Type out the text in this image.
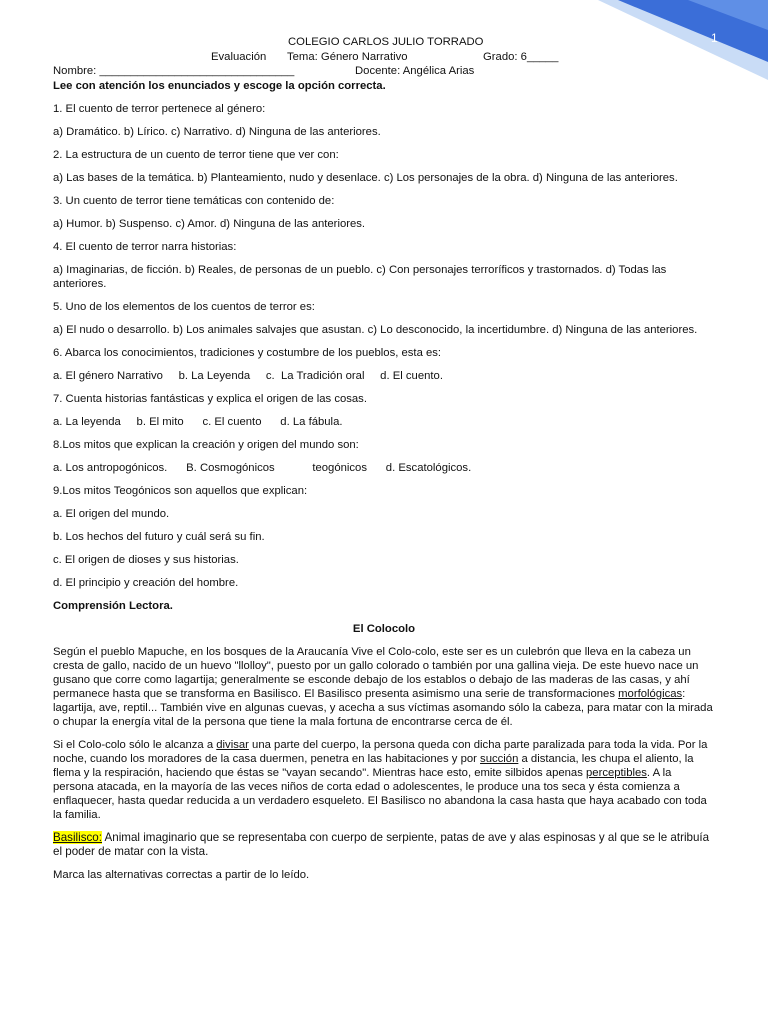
1
COLEGIO CARLOS JULIO TORRADO
Evaluación Tema: Género Narrativo	Grado: 6_____
Nombre: _______________________________	Docente: Angélica Arias

Lee con atención los enunciados y escoge la opción correcta.

1. El cuento de terror pertenece al género:

a) Dramático. b) Lírico. c) Narrativo. d) Ninguna de las anteriores.

2. La estructura de un cuento de terror tiene que ver con:

a) Las bases de la temática. b) Planteamiento, nudo y desenlace. c) Los personajes de la obra. d) Ninguna de las anteriores.

3. Un cuento de terror tiene temáticas con contenido de:

a) Humor. b) Suspenso. c) Amor. d) Ninguna de las anteriores.

4. El cuento de terror narra historias:

a) Imaginarias, de ficción. b) Reales, de personas de un pueblo. c) Con personajes terroríficos y trastornados. d) Todas las anteriores.

5. Uno de los elementos de los cuentos de terror es:

a) El nudo o desarrollo. b) Los animales salvajes que asustan. c) Lo desconocido, la incertidumbre. d) Ninguna de las anteriores.

6. Abarca los conocimientos, tradiciones y costumbre de los pueblos, esta es:

a. El género Narrativo     b. La Leyenda     c.  La Tradición oral     d. El cuento.

7. Cuenta historias fantásticas y explica el origen de las cosas.

a. La leyenda     b. El mito      c. El cuento      d. La fábula.

8.Los mitos que explican la creación y origen del mundo son:

a. Los antropogónicos.      B. Cosmogónicos            teogónicos      d. Escatológicos.

9.Los mitos Teogónicos son aquellos que explican:

a. El origen del mundo.

b. Los hechos del futuro y cuál será su fin.

c. El origen de dioses y sus historias.

d. El principio y creación del hombre.

Comprensión Lectora.

El Colocolo

Según el pueblo Mapuche, en los bosques de la Araucanía Vive el Colo-colo, este ser es un culebrón que lleva en la cabeza un cresta de gallo, nacido de un huevo "llolloy", puesto por un gallo colorado o también por una gallina vieja. De este huevo nace un gusano que corre como lagartija; generalmente se esconde debajo de los establos o debajo de las maderas de las casas, y ahí permanece hasta que se transforma en Basilisco. El Basilisco presenta asimismo una serie de transformaciones morfológicas: lagartija, ave, reptil... También vive en algunas cuevas, y acecha a sus víctimas asomando sólo la cabeza, para matar con la mirada o chupar la energía vital de la persona que tiene la mala fortuna de encontrarse cerca de él.

Si el Colo-colo sólo le alcanza a divisar una parte del cuerpo, la persona queda con dicha parte paralizada para toda la vida. Por la noche, cuando los moradores de la casa duermen, penetra en las habitaciones y por succión a distancia, les chupa el aliento, la flema y la respiración, haciendo que éstas se "vayan secando". Mientras hace esto, emite silbidos apenas perceptibles. A la persona atacada, en la mayoría de las veces niños de corta edad o adolescentes, le produce una tos seca y ésta comienza a enflaquecer, hasta quedar reducida a un verdadero esqueleto. El Basilisco no abandona la casa hasta que haya acabado con toda la familia.

Basilisco: Animal imaginario que se representaba con cuerpo de serpiente, patas de ave y alas espinosas y al que se le atribuía el poder de matar con la vista.

Marca las alternativas correctas a partir de lo leído.
